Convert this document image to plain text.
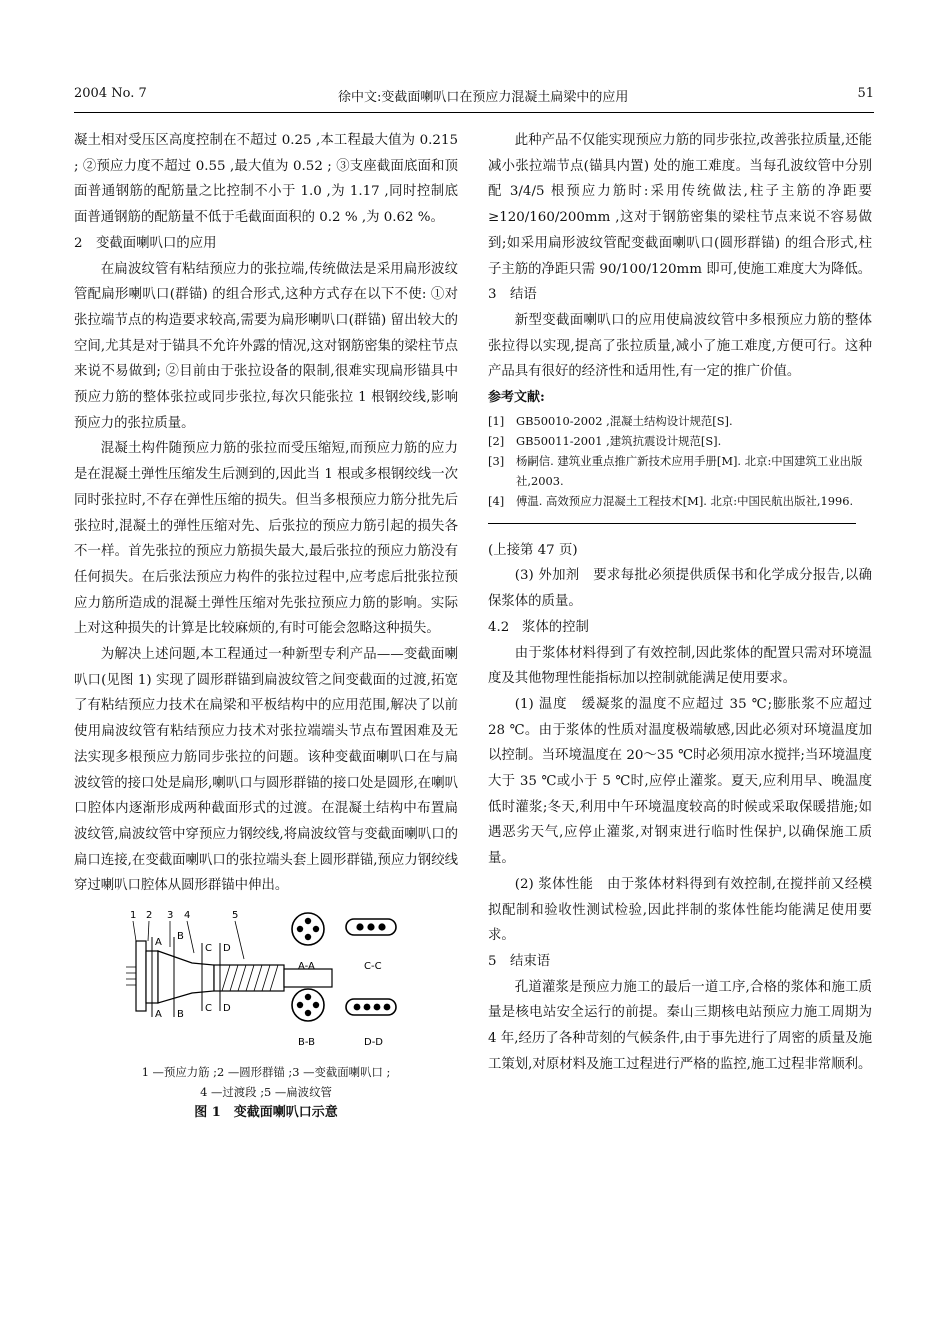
2004 No. 7	徐中文:变截面喇叭口在预应力混凝土扁梁中的应用	51

凝土相对受压区高度控制在不超过 0.25 ,本工程最大值为 0.215 ; ②预应力度不超过 0.55 ,最大值为 0.52 ; ③支座截面底面和顶面普通钢筋的配筋量之比控制不小于 1.0 ,为 1.17 ,同时控制底面普通钢筋的配筋量不低于毛截面面积的 0.2 % ,为 0.62 %。

2 变截面喇叭口的应用

在扁波纹管有粘结预应力的张拉端,传统做法是采用扁形波纹管配扁形喇叭口(群锚) 的组合形式,这种方式存在以下不使: ①对张拉端节点的构造要求较高,需要为扁形喇叭口(群锚) 留出较大的空间,尤其是对于锚具不允许外露的情况,这对钢筋密集的梁柱节点来说不易做到; ②目前由于张拉设备的限制,很难实现扁形锚具中预应力筋的整体张拉或同步张拉,每次只能张拉 1 根钢绞线,影响预应力的张拉质量。

混凝土构件随预应力筋的张拉而受压缩短,而预应力筋的应力是在混凝土弹性压缩发生后测到的,因此当 1 根或多根钢绞线一次同时张拉时,不存在弹性压缩的损失。但当多根预应力筋分批先后张拉时,混凝土的弹性压缩对先、后张拉的预应力筋引起的损失各不一样。首先张拉的预应力筋损失最大,最后张拉的预应力筋没有任何损失。在后张法预应力构件的张拉过程中,应考虑后批张拉预应力筋所造成的混凝土弹性压缩对先张拉预应力筋的影响。实际上对这种损失的计算是比较麻烦的,有时可能会忽略这种损失。

为解决上述问题,本工程通过一种新型专利产品——变截面喇叭口(见图 1) 实现了圆形群锚到扁波纹管之间变截面的过渡,拓宽了有粘结预应力技术在扁梁和平板结构中的应用范围,解决了以前使用扁波纹管有粘结预应力技术对张拉端端头节点布置困难及无法实现多根预应力筋同步张拉的问题。该种变截面喇叭口在与扁波纹管的接口处是扁形,喇叭口与圆形群锚的接口处是圆形,在喇叭口腔体内逐渐形成两种截面形式的过渡。在混凝土结构中布置扁波纹管,扁波纹管中穿预应力钢绞线,将扁波纹管与变截面喇叭口的扁口连接,在变截面喇叭口的张拉端头套上圆形群锚,预应力钢绞线穿过喇叭口腔体从圆形群锚中伸出。

1 2 3 4	5
A
B
C D
A B
C D
A-A	C-C
B-B	D-D
1 —预应力筋 ;2 —圆形群锚 ;3 —变截面喇叭口 ;
4 —过渡段 ;5 —扁波纹管
图 1　变截面喇叭口示意

此种产品不仅能实现预应力筋的同步张拉,改善张拉质量,还能减小张拉端节点(锚具内置) 处的施工难度。当每孔波纹管中分别配 3/4/5 根预应力筋时:采用传统做法,柱子主筋的净距要 ≥120/160/200mm ,这对于钢筋密集的梁柱节点来说不容易做到;如采用扁形波纹管配变截面喇叭口(圆形群锚) 的组合形式,柱子主筋的净距只需 90/100/120mm 即可,使施工难度大为降低。

3 结语

新型变截面喇叭口的应用使扁波纹管中多根预应力筋的整体张拉得以实现,提高了张拉质量,减小了施工难度,方便可行。这种产品具有很好的经济性和适用性,有一定的推广价值。

参考文献:

[1] GB50010-2002 ,混凝土结构设计规范[S].
[2] GB50011-2001 ,建筑抗震设计规范[S].
[3] 杨嗣信. 建筑业重点推广新技术应用手册[M]. 北京:中国建筑工业出版社,2003.
[4] 傅温. 高效预应力混凝土工程技术[M]. 北京:中国民航出版社,1996.

(上接第 47 页)

(3) 外加剂　要求每批必须提供质保书和化学成分报告,以确保浆体的质量。

4.2 浆体的控制

由于浆体材料得到了有效控制,因此浆体的配置只需对环境温度及其他物理性能指标加以控制就能满足使用要求。

(1) 温度　缓凝浆的温度不应超过 35 ℃;膨胀浆不应超过 28 ℃。由于浆体的性质对温度极端敏感,因此必须对环境温度加以控制。当环境温度在 20～35 ℃时必须用凉水搅拌;当环境温度大于 35 ℃或小于 5 ℃时,应停止灌浆。夏天,应利用早、晚温度低时灌浆;冬天,利用中午环境温度较高的时候或采取保暖措施;如遇恶劣天气,应停止灌浆,对钢束进行临时性保护,以确保施工质量。

(2) 浆体性能　由于浆体材料得到有效控制,在搅拌前又经模拟配制和验收性测试检验,因此拌制的浆体性能均能满足使用要求。

5 结束语

孔道灌浆是预应力施工的最后一道工序,合格的浆体和施工质量是核电站安全运行的前提。秦山三期核电站预应力施工周期为 4 年,经历了各种苛刻的气候条件,由于事先进行了周密的质量及施工策划,对原材料及施工过程进行严格的监控,施工过程非常顺利。
